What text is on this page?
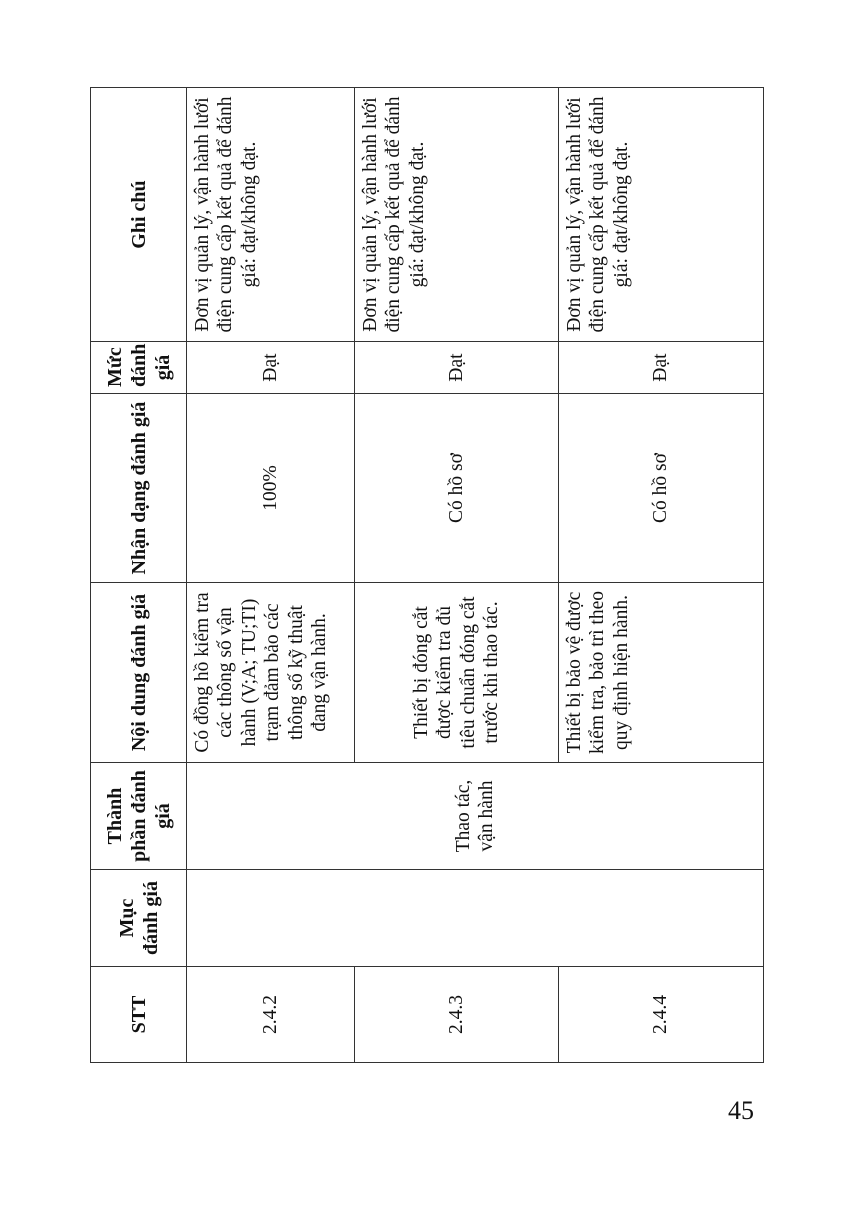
STT	Mục đánh giá	Thành phần đánh giá	Nội dung đánh giá	Nhận dạng đánh giá	Mức đánh giá	Ghi chú
2.4.2		Thao tác, vận hành	Có đồng hồ kiểm tra các thông số vận hành (V;A; TU;TI) trạm đảm bảo các thông số kỹ thuật đang vận hành.	100%	Đạt	Đơn vị quản lý, vận hành lưới điện cung cấp kết quả để đánh giá: đạt/không đạt.
2.4.3			Thiết bị đóng cắt được kiểm tra đủ tiêu chuẩn đóng cắt trước khi thao tác.	Có hồ sơ	Đạt	Đơn vị quản lý, vận hành lưới điện cung cấp kết quả để đánh giá: đạt/không đạt.
2.4.4			Thiết bị bảo vệ được kiểm tra, bảo trì theo quy định hiện hành.	Có hồ sơ	Đạt	Đơn vị quản lý, vận hành lưới điện cung cấp kết quả để đánh giá: đạt/không đạt.
45
